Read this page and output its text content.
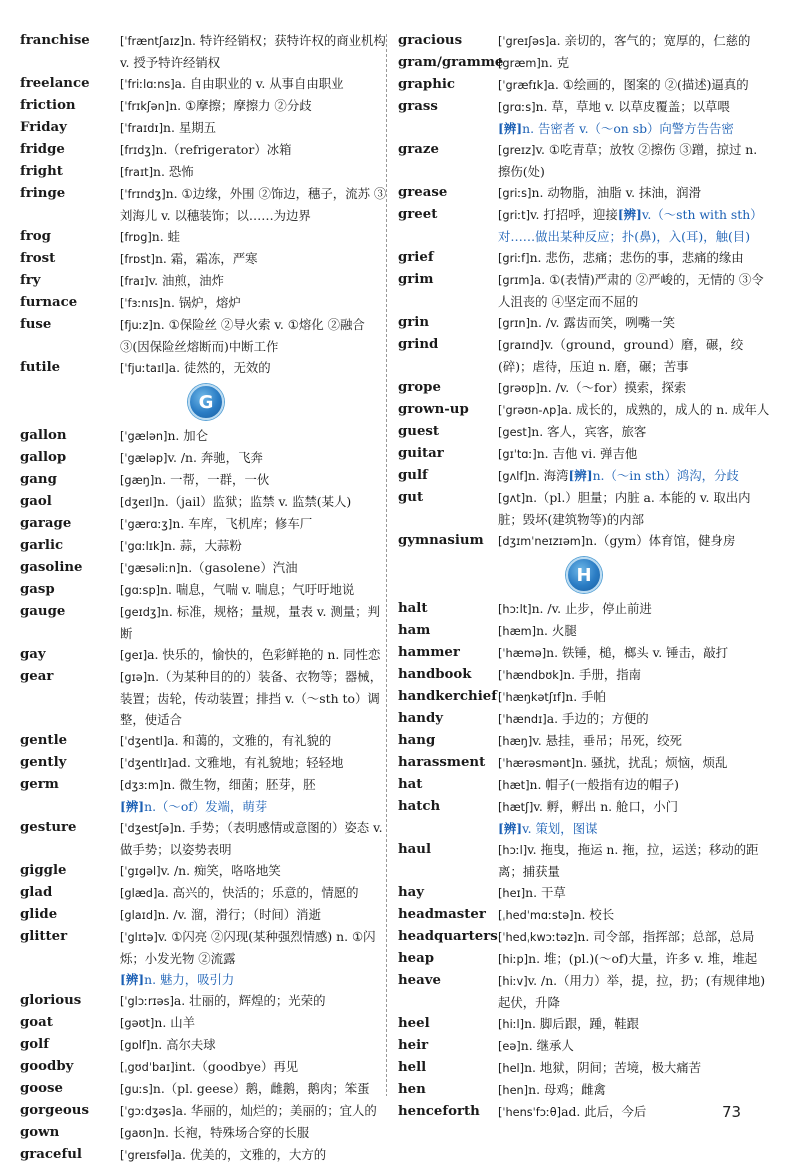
franchise	[ˈfræntʃaɪz]n. 特许经销权；获特许权的商业机构 v. 授予特许经销权
freelance	[ˈfriːlɑːns]a. 自由职业的 v. 从事自由职业
friction	[ˈfrɪkʃən]n. ①摩擦；摩擦力 ②分歧
Friday	[ˈfraɪdɪ]n. 星期五
fridge	[frɪdʒ]n.（refrigerator）冰箱
fright	[fraɪt]n. 恐怖
fringe	[ˈfrɪndʒ]n. ①边缘，外围 ②饰边，穗子，流苏 ③刘海儿 v. 以穗装饰；以……为边界
frog	[frɒg]n. 蛙
frost	[frɒst]n. 霜，霜冻，严寒
fry	[fraɪ]v. 油煎，油炸
furnace	[ˈfɜːnɪs]n. 锅炉，熔炉
fuse	[fjuːz]n. ①保险丝 ②导火索 v. ①熔化 ②融合 ③(因保险丝熔断而)中断工作
futile	[ˈfjuːtaɪl]a. 徒然的，无效的
G
gallon	[ˈgælən]n. 加仑
gallop	[ˈgæləp]v. /n. 奔驰，飞奔
gang	[gæŋ]n. 一帮，一群，一伙
gaol	[dʒeɪl]n.（jail）监狱；监禁 v. 监禁(某人)
garage	[ˈgærɑːʒ]n. 车库，飞机库；修车厂
garlic	[ˈgɑːlɪk]n. 蒜，大蒜粉
gasoline	[ˈgæsəliːn]n.（gasolene）汽油
gasp	[gɑːsp]n. 喘息，气喘 v. 喘息；气吁吁地说
gauge	[geɪdʒ]n. 标准，规格；量规，量表 v. 测量；判断
gay	[geɪ]a. 快乐的，愉快的，色彩鲜艳的 n. 同性恋
gear	[gɪə]n.（为某种目的的）装备、衣物等；器械，装置；齿轮，传动装置；排挡 v.（～sth to）调整，使适合
gentle	[ˈdʒentl]a. 和蔼的，文雅的，有礼貌的
gently	[ˈdʒentlɪ]ad. 文雅地，有礼貌地；轻轻地
germ	[dʒɜːm]n. 微生物，细菌；胚芽，胚
[辨]n.（～of）发端，萌芽
gesture	[ˈdʒestʃə]n. 手势；（表明感情或意图的）姿态 v. 做手势；以姿势表明
giggle	[ˈgɪgəl]v. /n. 痴笑，咯咯地笑
glad	[glæd]a. 高兴的，快活的；乐意的，情愿的
glide	[glaɪd]n. /v. 溜，滑行；（时间）消逝
glitter	[ˈglɪtə]v. ①闪亮 ②闪现(某种强烈情感) n. ①闪烁；小发光物 ②流露
[辨]n. 魅力，吸引力
glorious	[ˈglɔːrɪəs]a. 壮丽的，辉煌的；光荣的
goat	[gəʊt]n. 山羊
golf	[gɒlf]n. 高尔夫球
goodby	[ˌgʊdˈbaɪ]int.（goodbye）再见
goose	[guːs]n.（pl. geese）鹅，雌鹅，鹅肉；笨蛋
gorgeous	[ˈgɔːdʒəs]a. 华丽的，灿烂的；美丽的；宜人的
gown	[gaʊn]n. 长袍，特殊场合穿的长服
graceful	[ˈgreɪsfəl]a. 优美的，文雅的，大方的
gracious	[ˈgreɪʃəs]a. 亲切的，客气的；宽厚的，仁慈的
gram/gramme
[græm]n. 克
graphic	[ˈgræfɪk]a. ①绘画的，图案的 ②(描述)逼真的
grass	[grɑːs]n. 草，草地 v. 以草皮覆盖；以草喂
[辨]n. 告密者 v.（～on sb）向警方告告密
graze	[greɪz]v. ①吃青草；放牧 ②擦伤 ③蹭，掠过 n. 擦伤(处)
grease	[griːs]n. 动物脂，油脂 v. 抹油，润滑
greet	[griːt]v. 打招呼，迎接[辨]v.（～sth with sth）对……做出某种反应；扑(鼻)，入(耳)，触(目)
grief	[griːf]n. 悲伤，悲痛；悲伤的事，悲痛的缘由
grim	[grɪm]a. ①(表情)严肃的 ②严峻的，无情的 ③令人沮丧的 ④坚定而不屈的
grin	[grɪn]n. /v. 露齿而笑，咧嘴一笑
grind	[graɪnd]v.（ground，ground）磨，碾，绞(碎)；虐待，压迫 n. 磨，碾；苦事
grope	[grəʊp]n. /v.（～for）摸索，探索
grown-up	[ˈgrəʊn-ʌp]a. 成长的，成熟的，成人的 n. 成年人
guest	[gest]n. 客人，宾客，旅客
guitar	[gɪˈtɑː]n. 吉他 vi. 弹吉他
gulf	[gʌlf]n. 海湾[辨]n.（～in sth）鸿沟，分歧
gut	[gʌt]n.（pl.）胆量；内脏 a. 本能的 v. 取出内脏；毁坏(建筑物等)的内部
gymnasium	[dʒɪmˈneɪzɪəm]n.（gym）体育馆，健身房
H
halt	[hɔːlt]n. /v. 止步，停止前进
ham	[hæm]n. 火腿
hammer	[ˈhæmə]n. 铁锤，槌，榔头 v. 锤击，敲打
handbook	[ˈhændbʊk]n. 手册，指南
handkerchief [ˈhæŋkətʃɪf]n. 手帕
handy	[ˈhændɪ]a. 手边的；方便的
hang	[hæŋ]v. 悬挂，垂吊；吊死，绞死
harassment	[ˈhærəsmənt]n. 骚扰，扰乱；烦恼，烦乱
hat	[hæt]n. 帽子(一般指有边的帽子)
hatch	[hætʃ]v. 孵，孵出 n. 舱口，小门
[辨]v. 策划，图谋
haul	[hɔːl]v. 拖曳，拖运 n. 拖，拉，运送；移动的距离；捕获量
hay	[heɪ]n. 干草
headmaster	[ˌhedˈmɑːstə]n. 校长
headquarters [ˈhedˌkwɔːtəz]n. 司令部，指挥部；总部，总局
heap	[hiːp]n. 堆；(pl.)(～of)大量，许多 v. 堆，堆起
heave	[hiːv]v. /n.（用力）举，提，拉，扔；(有规律地)起伏，升降
heel	[hiːl]n. 脚后跟，踵，鞋跟
heir	[eə]n. 继承人
hell	[hel]n. 地狱，阴间；苦境，极大痛苦
hen	[hen]n. 母鸡；雌禽
henceforth	[ˈhensˈfɔːθ]ad. 此后，今后	73
